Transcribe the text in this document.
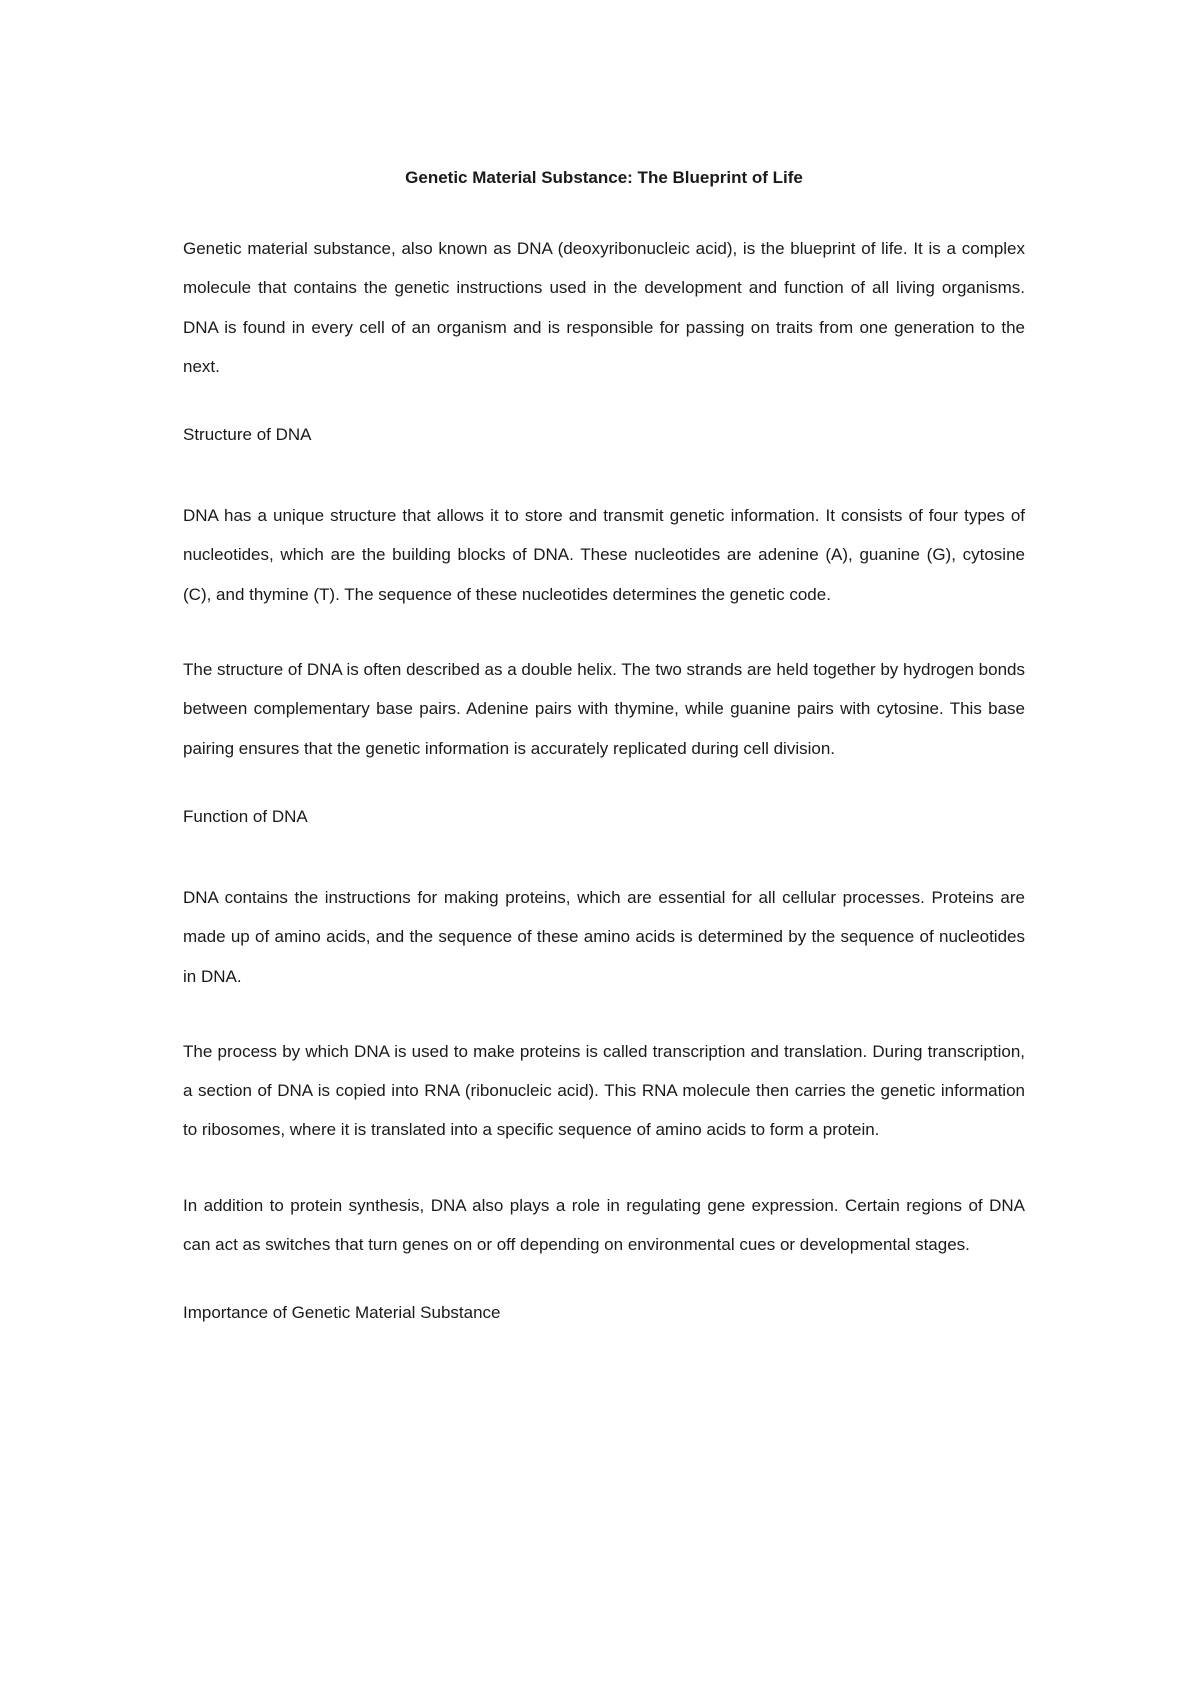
Genetic Material Substance: The Blueprint of Life

Genetic material substance, also known as DNA (deoxyribonucleic acid), is the blueprint of life. It is a complex molecule that contains the genetic instructions used in the development and function of all living organisms. DNA is found in every cell of an organism and is responsible for passing on traits from one generation to the next.

Structure of DNA

DNA has a unique structure that allows it to store and transmit genetic information. It consists of four types of nucleotides, which are the building blocks of DNA. These nucleotides are adenine (A), guanine (G), cytosine (C), and thymine (T). The sequence of these nucleotides determines the genetic code.

The structure of DNA is often described as a double helix. The two strands are held together by hydrogen bonds between complementary base pairs. Adenine pairs with thymine, while guanine pairs with cytosine. This base pairing ensures that the genetic information is accurately replicated during cell division.

Function of DNA

DNA contains the instructions for making proteins, which are essential for all cellular processes. Proteins are made up of amino acids, and the sequence of these amino acids is determined by the sequence of nucleotides in DNA.

The process by which DNA is used to make proteins is called transcription and translation. During transcription, a section of DNA is copied into RNA (ribonucleic acid). This RNA molecule then carries the genetic information to ribosomes, where it is translated into a specific sequence of amino acids to form a protein.

In addition to protein synthesis, DNA also plays a role in regulating gene expression. Certain regions of DNA can act as switches that turn genes on or off depending on environmental cues or developmental stages.

Importance of Genetic Material Substance
